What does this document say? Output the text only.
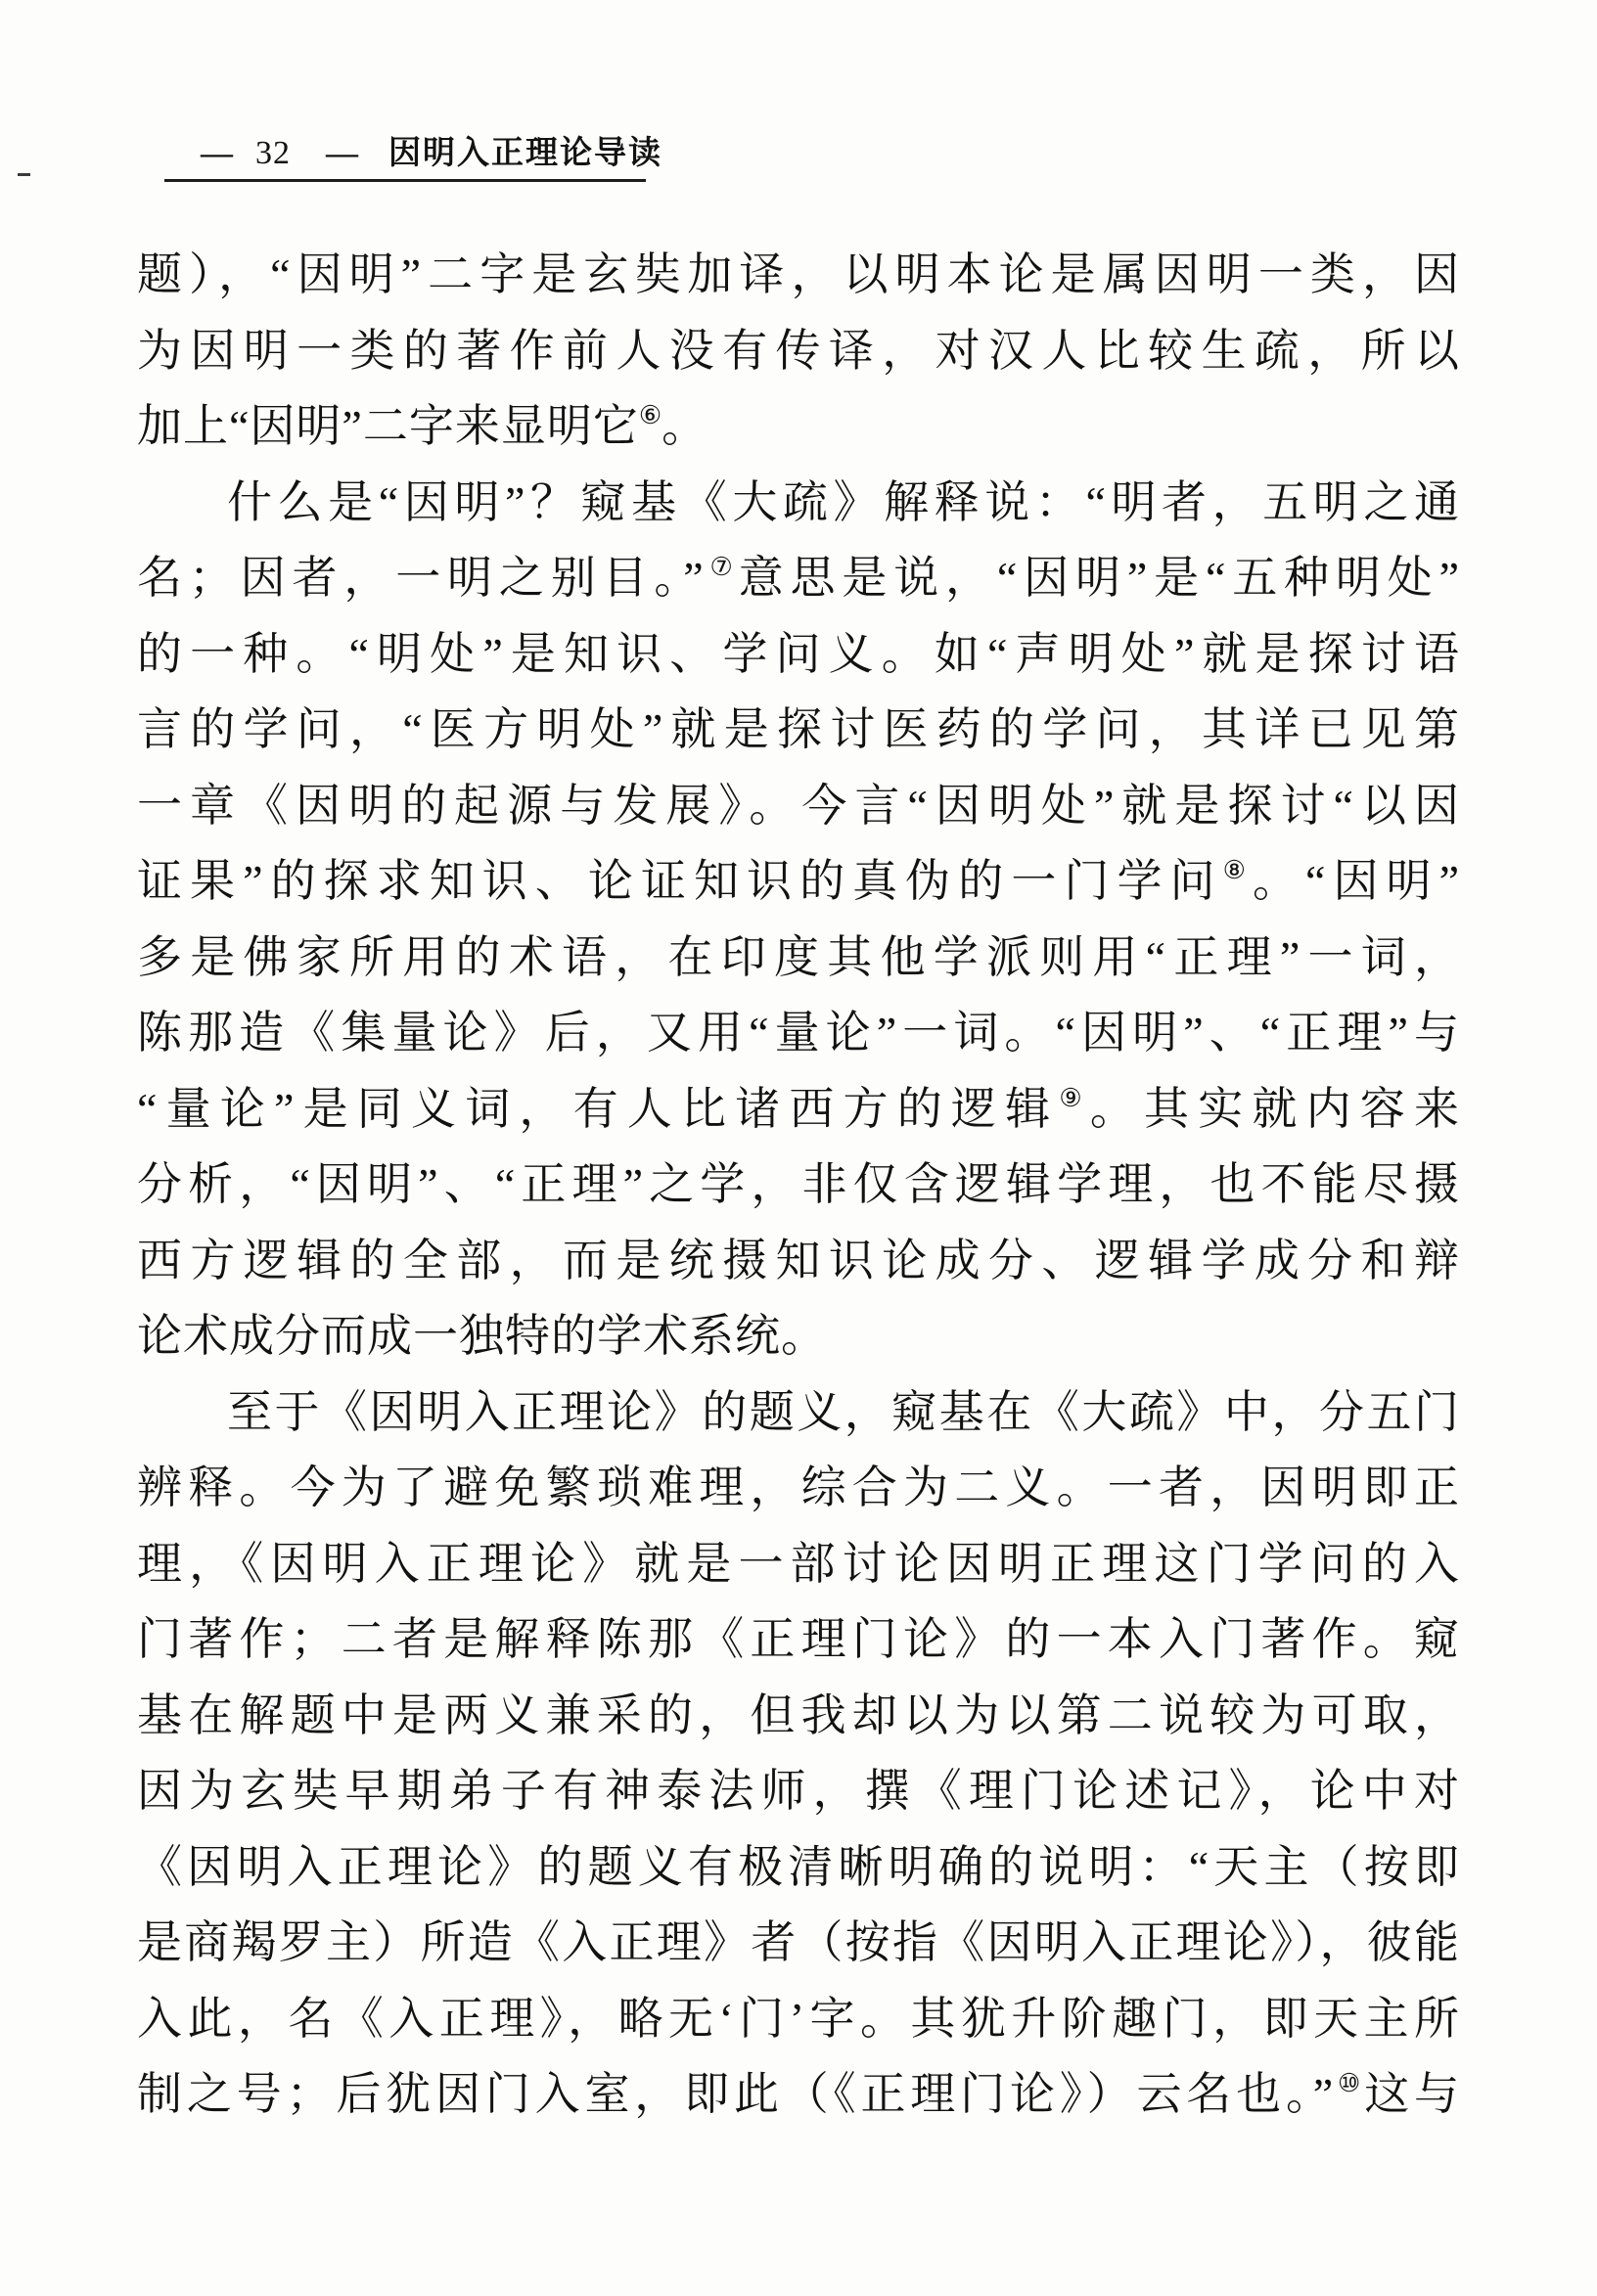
— 32 — 因明入正理论导读
题），“因明”二字是玄奘加译，以明本论是属因明一类，因
为因明一类的著作前人没有传译，对汉人比较生疏，所以
加上“因明”二字来显明它⑥。
什么是“因明”？窥基《大疏》解释说：“明者，五明之通
名；因者，一明之别目。”⑦意思是说，“因明”是“五种明处”
的一种。“明处”是知识、学问义。如“声明处”就是探讨语
言的学问，“医方明处”就是探讨医药的学问，其详已见第
一章《因明的起源与发展》。今言“因明处”就是探讨“以因
证果”的探求知识、论证知识的真伪的一门学问⑧。“因明”
多是佛家所用的术语，在印度其他学派则用“正理”一词，
陈那造《集量论》后，又用“量论”一词。“因明”、“正理”与
“量论”是同义词，有人比诸西方的逻辑⑨。其实就内容来
分析，“因明”、“正理”之学，非仅含逻辑学理，也不能尽摄
西方逻辑的全部，而是统摄知识论成分、逻辑学成分和辩
论术成分而成一独特的学术系统。
至于《因明入正理论》的题义，窥基在《大疏》中，分五门
辨释。今为了避免繁琐难理，综合为二义。一者，因明即正
理，《因明入正理论》就是一部讨论因明正理这门学问的入
门著作；二者是解释陈那《正理门论》的一本入门著作。窥
基在解题中是两义兼采的，但我却以为以第二说较为可取，
因为玄奘早期弟子有神泰法师，撰《理门论述记》，论中对
《因明入正理论》的题义有极清晰明确的说明：“天主（按即
是商羯罗主）所造《入正理》者（按指《因明入正理论》），彼能
入此，名《入正理》，略无‘门’字。其犹升阶趣门，即天主所
制之号；后犹因门入室，即此（《正理门论》）云名也。”⑩这与
